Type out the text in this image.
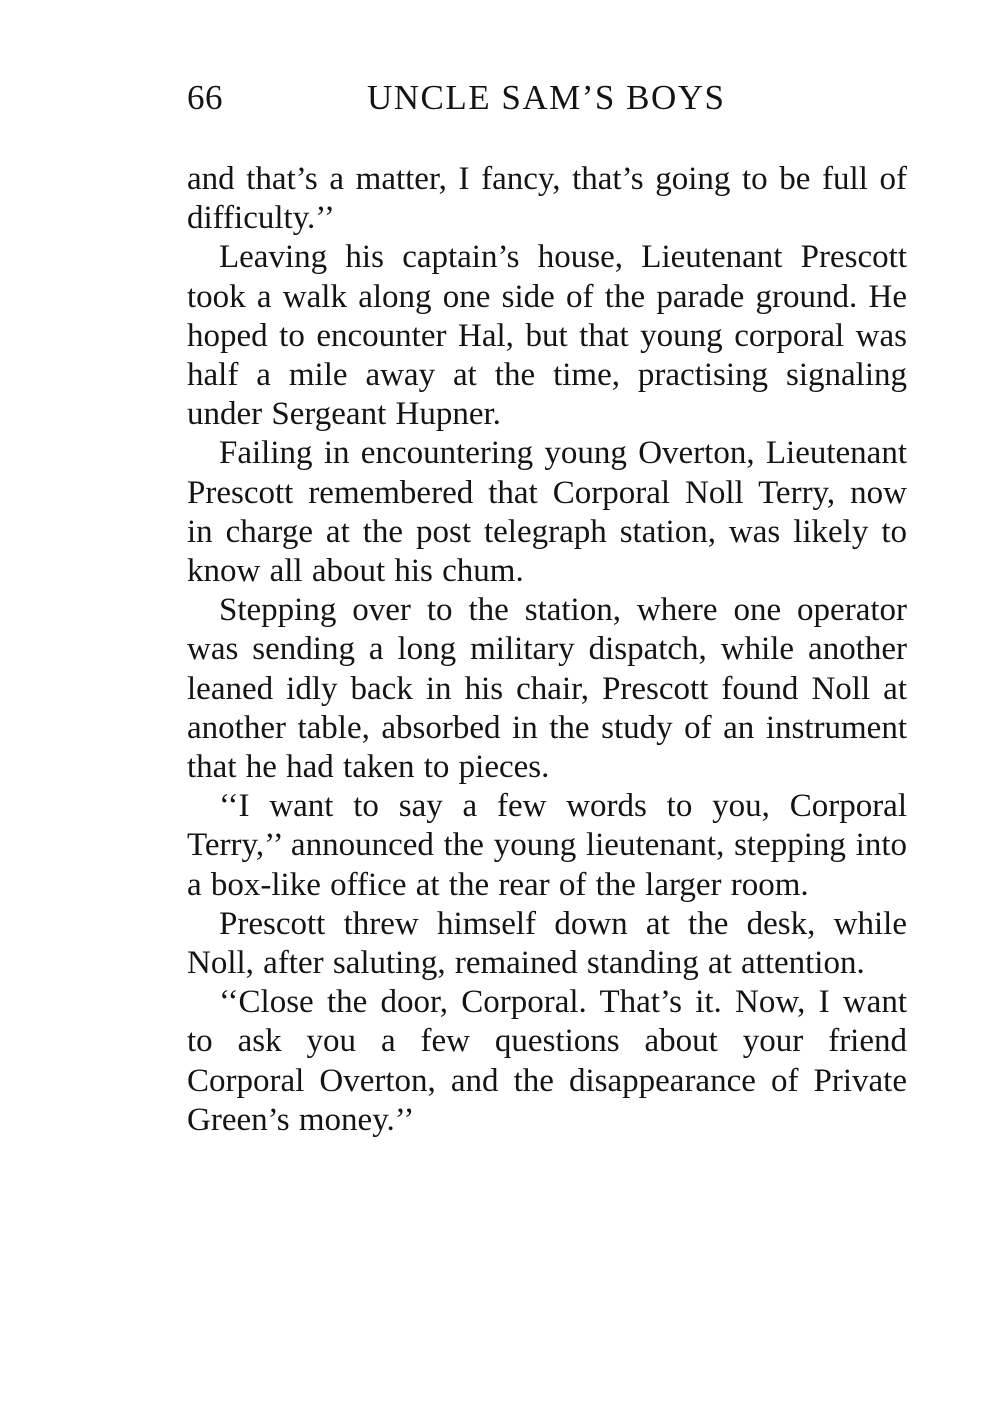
66	UNCLE SAM’S BOYS

and that’s a matter, I fancy, that’s going to be full of difficulty.’’

Leaving his captain’s house, Lieutenant Prescott took a walk along one side of the parade ground. He hoped to encounter Hal, but that young corporal was half a mile away at the time, practising signaling under Sergeant Hupner.

Failing in encountering young Overton, Lieutenant Prescott remembered that Corporal Noll Terry, now in charge at the post telegraph station, was likely to know all about his chum.

Stepping over to the station, where one operator was sending a long military dispatch, while another leaned idly back in his chair, Prescott found Noll at another table, absorbed in the study of an instrument that he had taken to pieces.

‘‘I want to say a few words to you, Corporal Terry,’’ announced the young lieutenant, stepping into a box-like office at the rear of the larger room.

Prescott threw himself down at the desk, while Noll, after saluting, remained standing at attention.

‘‘Close the door, Corporal. That’s it. Now, I want to ask you a few questions about your friend Corporal Overton, and the disappearance of Private Green’s money.’’
